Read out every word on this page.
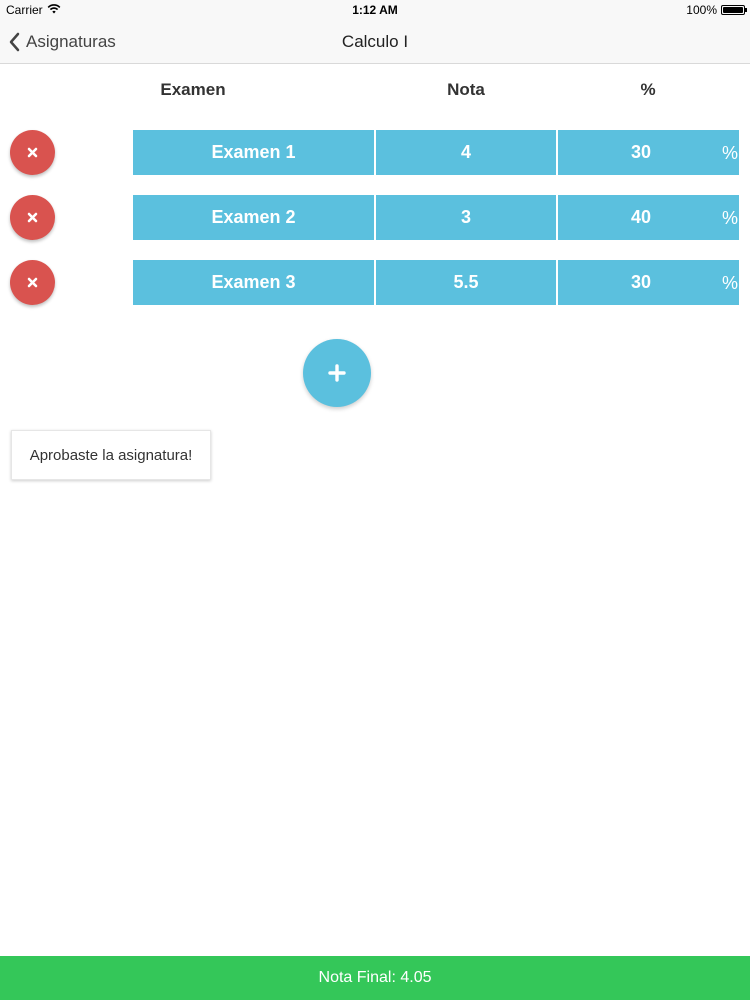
Carrier	1:12 AM	100%
Asignaturas	Calculo I
Examen	Nota	%
Examen 1	4	30	%
Examen 2	3	40	%
Examen 3	5.5	30	%
Aprobaste la asignatura!
Nota Final: 4.05
